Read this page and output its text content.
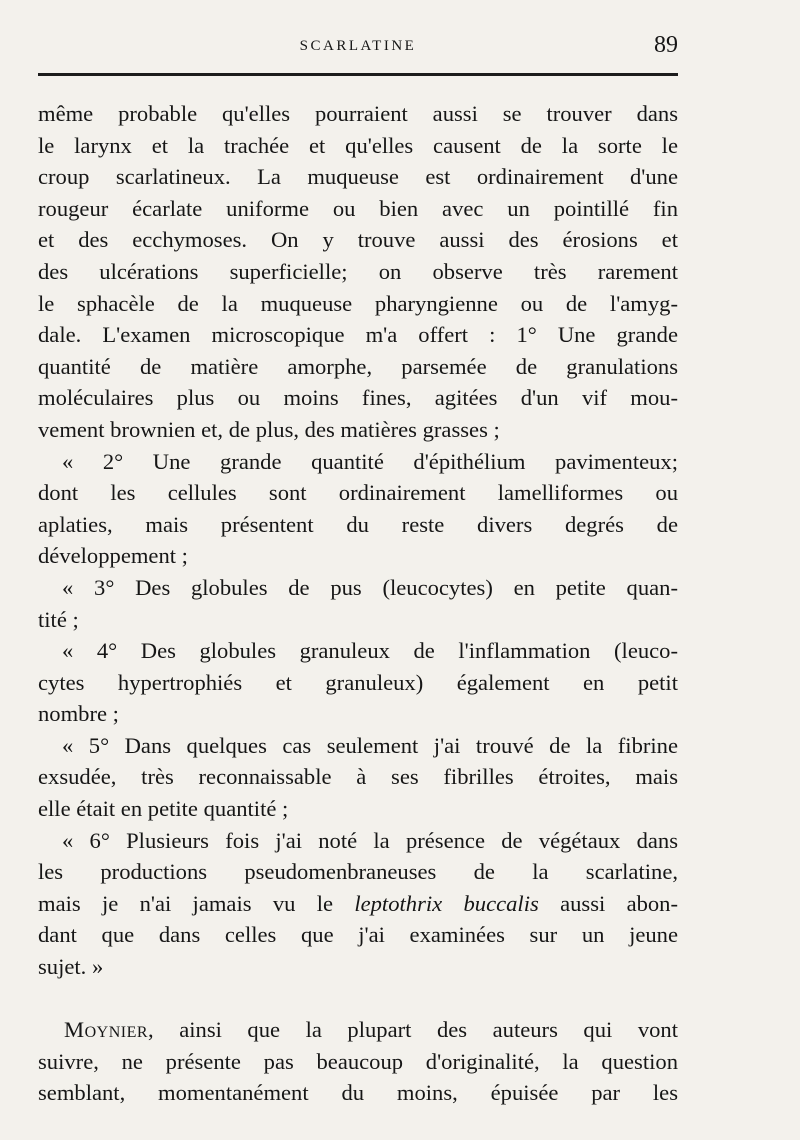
SCARLATINE	89
même probable qu'elles pourraient aussi se trouver dans
le larynx et la trachée et qu'elles causent de la sorte le
croup scarlatineux. La muqueuse est ordinairement d'une
rougeur écarlate uniforme ou bien avec un pointillé fin
et des ecchymoses. On y trouve aussi des érosions et
des ulcérations superficielle; on observe très rarement
le sphacèle de la muqueuse pharyngienne ou de l'amyg-
dale. L'examen microscopique m'a offert : 1° Une grande
quantité de matière amorphe, parsemée de granulations
moléculaires plus ou moins fines, agitées d'un vif mou-
vement brownien et, de plus, des matières grasses ;
« 2° Une grande quantité d'épithélium pavimenteux;
dont les cellules sont ordinairement lamelliformes ou
aplaties, mais présentent du reste divers degrés de
développement ;
« 3° Des globules de pus (leucocytes) en petite quan-
tité ;
« 4° Des globules granuleux de l'inflammation (leuco-
cytes hypertrophiés et granuleux) également en petit
nombre ;
« 5° Dans quelques cas seulement j'ai trouvé de la fibrine
exsudée, très reconnaissable à ses fibrilles étroites, mais
elle était en petite quantité ;
« 6° Plusieurs fois j'ai noté la présence de végétaux dans
les productions pseudomenbraneuses de la scarlatine,
mais je n'ai jamais vu le leptothrix buccalis aussi abon-
dant que dans celles que j'ai examinées sur un jeune
sujet. »
Moynier, ainsi que la plupart des auteurs qui vont
suivre, ne présente pas beaucoup d'originalité, la question
semblant, momentanément du moins, épuisée par les
